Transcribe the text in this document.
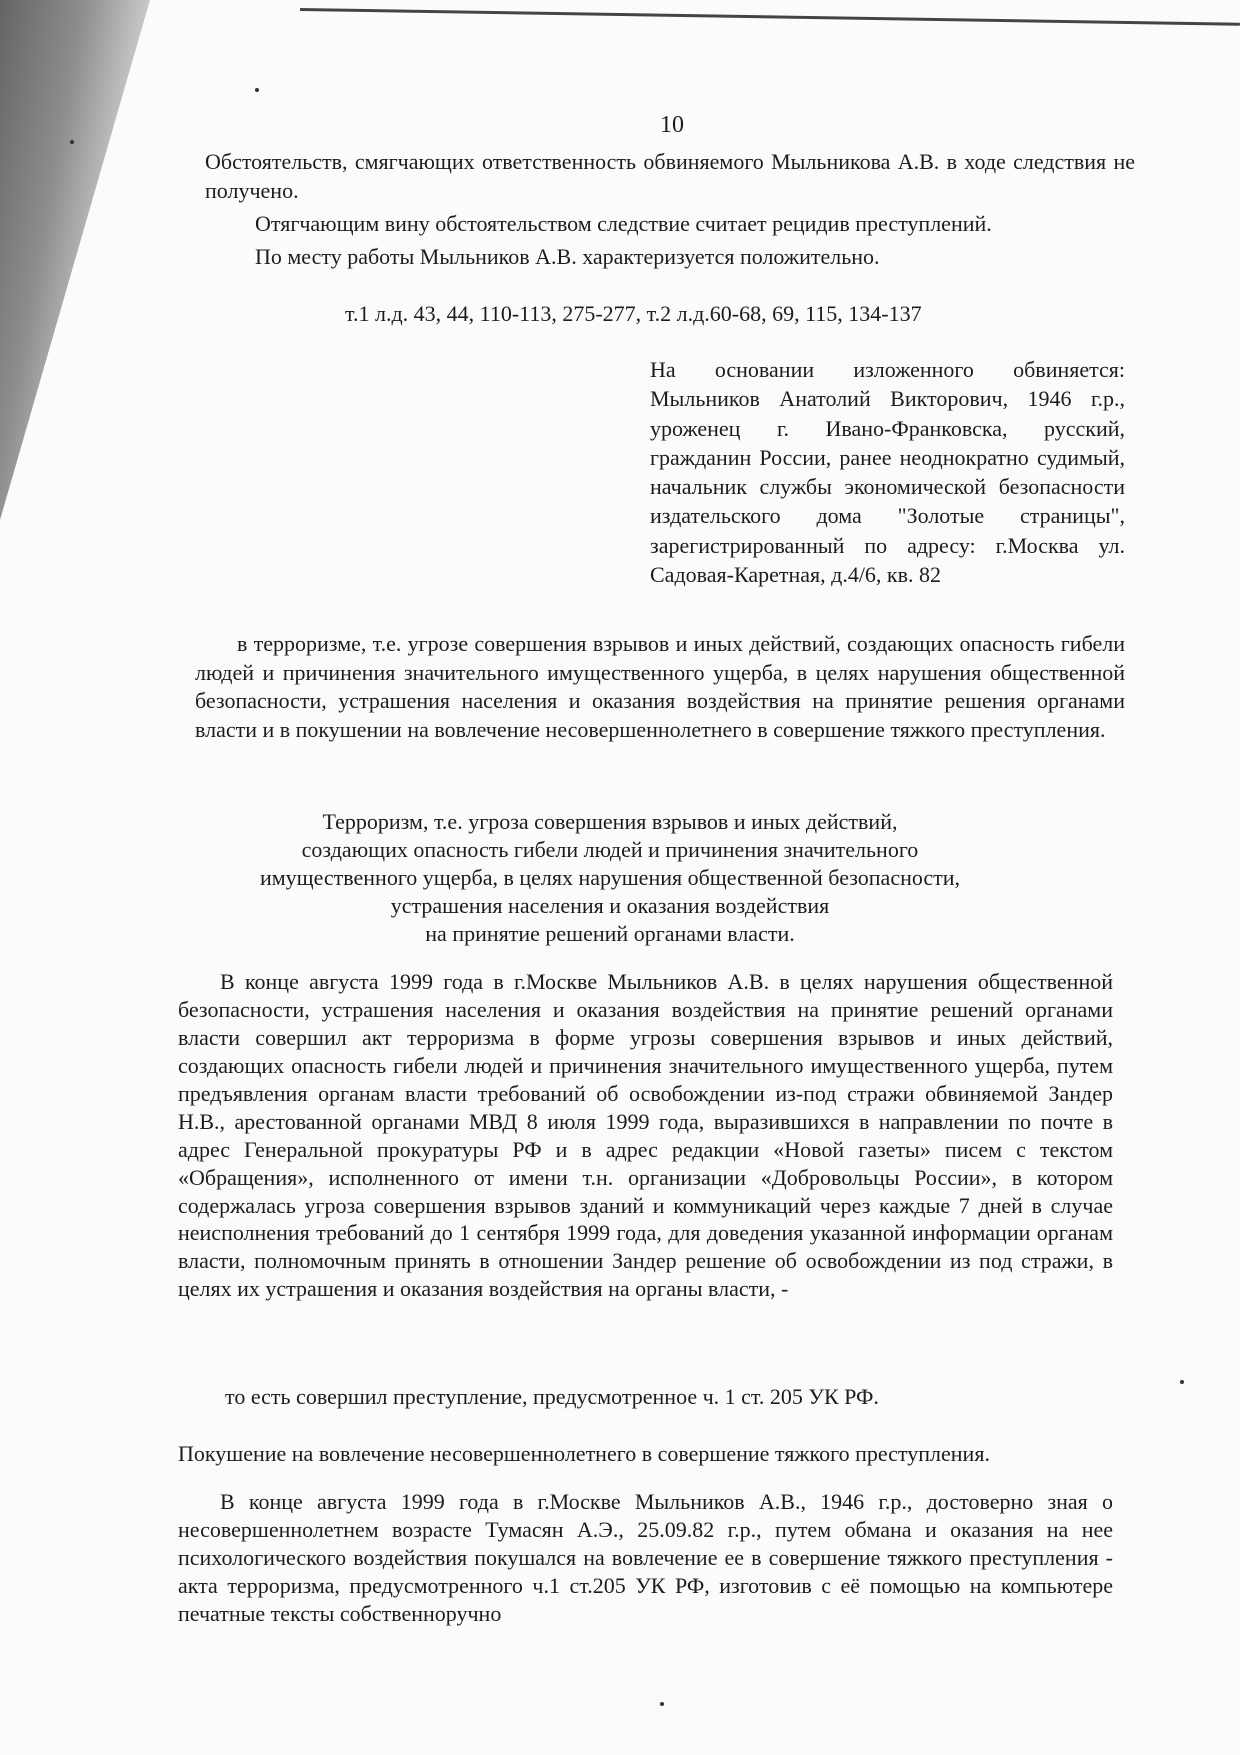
10
Обстоятельств, смягчающих ответственность обвиняемого Мыльникова А.В. в ходе следствия не получено.
Отягчающим вину обстоятельством следствие считает рецидив преступлений.
По месту работы Мыльников А.В. характеризуется положительно.
т.1 л.д. 43, 44, 110-113, 275-277, т.2 л.д.60-68, 69, 115, 134-137
На основании изложенного обвиняется: Мыльников Анатолий Викторович, 1946 г.р., уроженец г. Ивано-Франковска, русский, гражданин России, ранее неоднократно судимый, начальник службы экономической безопасности издательского дома "Золотые страницы", зарегистрированный по адресу: г.Москва ул. Садовая-Каретная, д.4/6, кв. 82
в терроризме, т.е. угрозе совершения взрывов и иных действий, создающих опасность гибели людей и причинения значительного имущественного ущерба, в целях нарушения общественной безопасности, устрашения населения и оказания воздействия на принятие решения органами власти и в покушении на вовлечение несовершеннолетнего в совершение тяжкого преступления.
Терроризм, т.е. угроза совершения взрывов и иных действий,
создающих опасность гибели людей и причинения значительного
имущественного ущерба, в целях нарушения общественной безопасности,
устрашения населения и оказания воздействия
на принятие решений органами власти.
В конце августа 1999 года в г.Москве Мыльников А.В. в целях нарушения общественной безопасности, устрашения населения и оказания воздействия на принятие решений органами власти совершил акт терроризма в форме угрозы совершения взрывов и иных действий, создающих опасность гибели людей и причинения значительного имущественного ущерба, путем предъявления органам власти требований об освобождении из-под стражи обвиняемой Зандер Н.В., арестованной органами МВД 8 июля 1999 года, выразившихся в направлении по почте в адрес Генеральной прокуратуры РФ и в адрес редакции «Новой газеты» писем с текстом «Обращения», исполненного от имени т.н. организации «Добровольцы России», в котором содержалась угроза совершения взрывов зданий и коммуникаций через каждые 7 дней в случае неисполнения требований до 1 сентября 1999 года, для доведения указанной информации органам власти, полномочным принять в отношении Зандер решение об освобождении из под стражи, в целях их устрашения и оказания воздействия на органы власти, -
то есть совершил преступление, предусмотренное ч. 1 ст. 205 УК РФ.
Покушение на вовлечение несовершеннолетнего в совершение тяжкого преступления.
В конце августа 1999 года в г.Москве Мыльников А.В., 1946 г.р., достоверно зная о несовершеннолетнем возрасте Тумасян А.Э., 25.09.82 г.р., путем обмана и оказания на нее психологического воздействия покушался на вовлечение ее в совершение тяжкого преступления - акта терроризма, предусмотренного ч.1 ст.205 УК РФ, изготовив с её помощью на компьютере печатные тексты собственноручно
